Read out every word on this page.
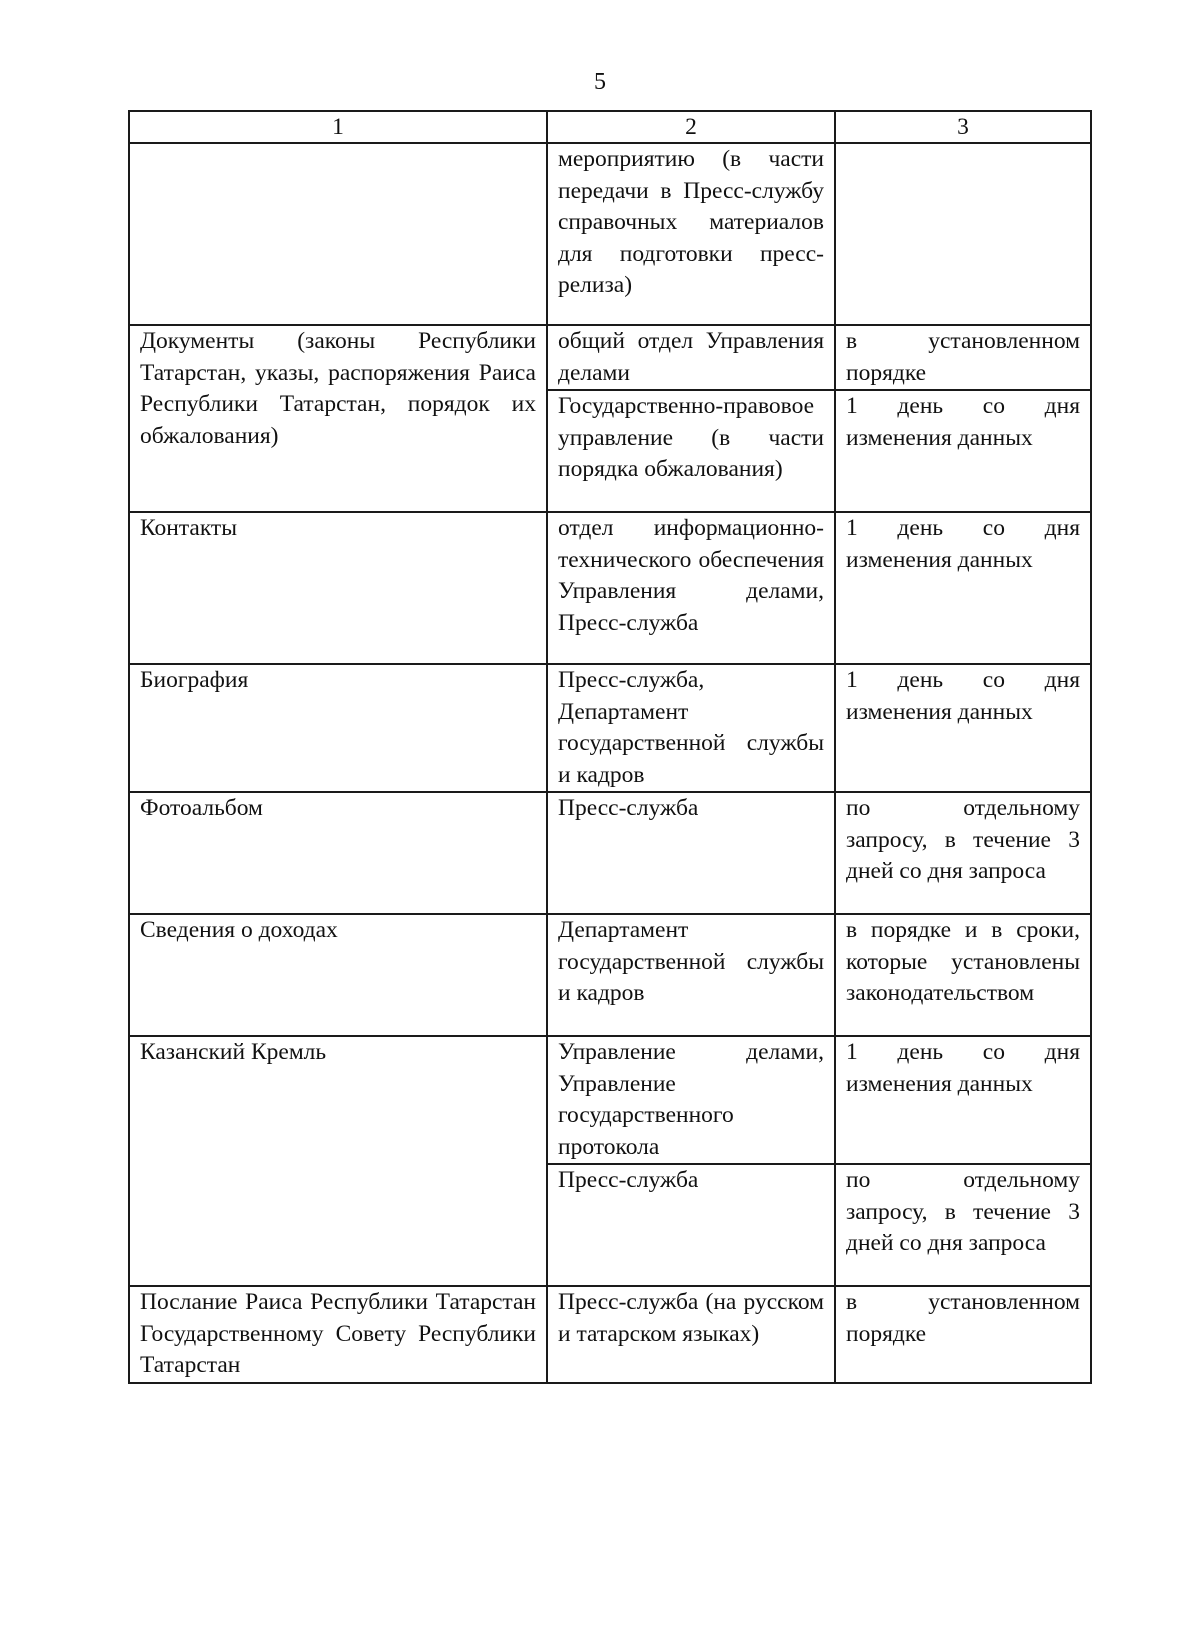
5
1	2	3
	мероприятию (в части передачи в Пресс-службу справочных материалов для подготовки пресс-релиза)	
Документы (законы Республики Татарстан, указы, распоряжения Раиса Республики Татарстан, порядок их обжалования)	общий отдел Управления делами	в установленном порядке
	Государственно-правовое управление (в части порядка обжалования)	1 день со дня изменения данных
Контакты	отдел информационно-технического обеспечения Управления делами, Пресс-служба	1 день со дня изменения данных
Биография	Пресс-служба, Департамент государственной службы и кадров	1 день со дня изменения данных
Фотоальбом	Пресс-служба	по отдельному запросу, в течение 3 дней со дня запроса
Сведения о доходах	Департамент государственной службы и кадров	в порядке и в сроки, которые установлены законодательством
Казанский Кремль	Управление делами, Управление государственного протокола	1 день со дня изменения данных
	Пресс-служба	по отдельному запросу, в течение 3 дней со дня запроса
Послание Раиса Республики Татарстан Государственному Совету Республики Татарстан	Пресс-служба (на русском и татарском языках)	в установленном порядке
